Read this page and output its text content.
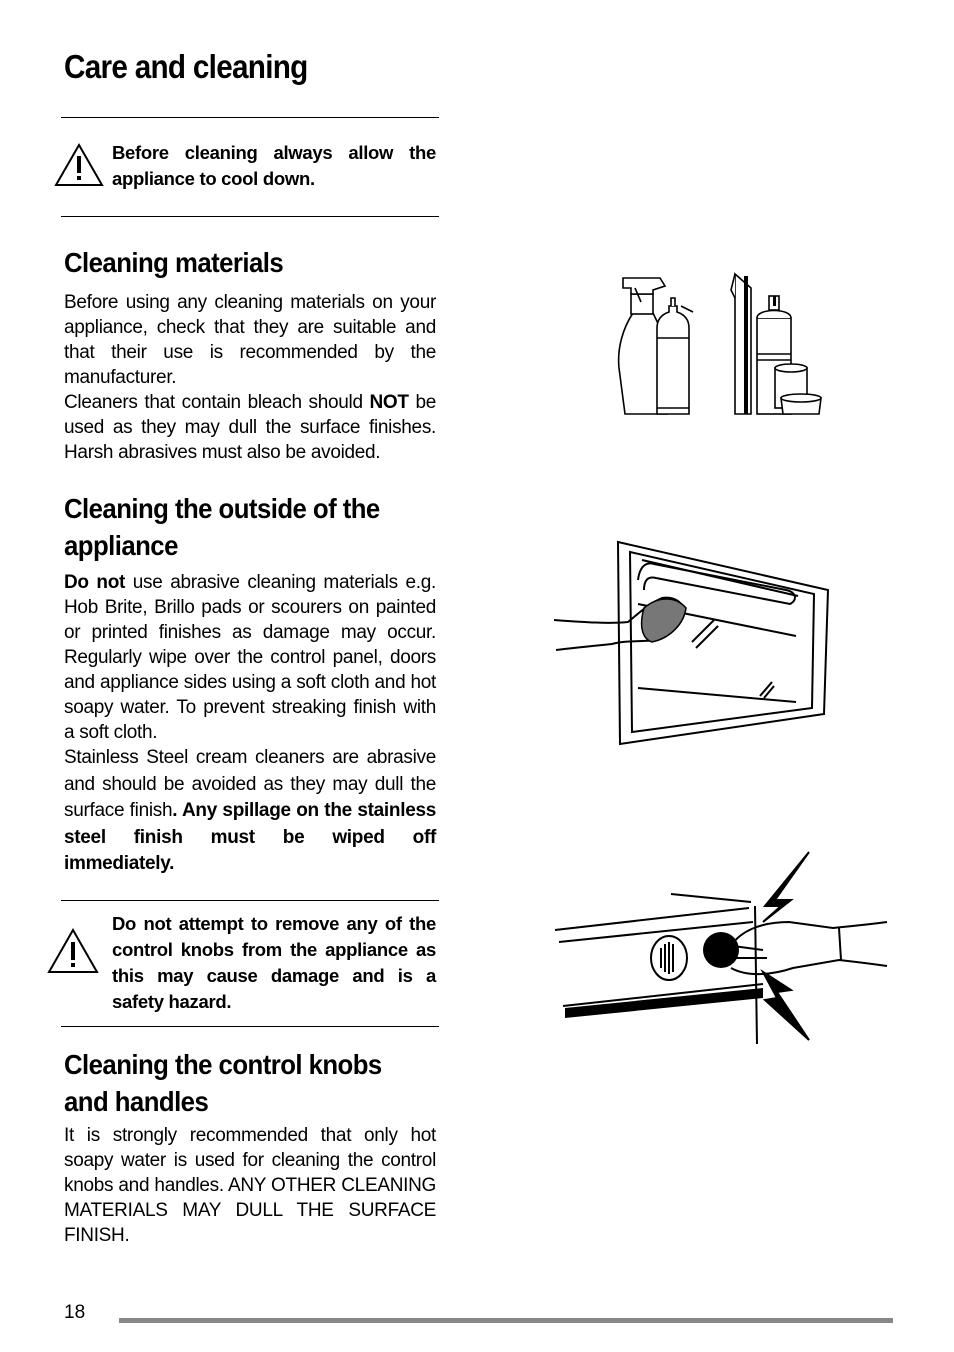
Care and cleaning
Before cleaning always allow the appliance to cool down.
Cleaning materials

Before using any cleaning materials on your appliance, check that they are suitable and that their use is recommended by the manufacturer.

Cleaners that contain bleach should NOT be used as they may dull the surface finishes. Harsh abrasives must also be avoided.

Cleaning the outside of the appliance

Do not use abrasive cleaning materials e.g. Hob Brite, Brillo pads or scourers on painted or printed finishes as damage may occur. Regularly wipe over the control panel, doors and appliance sides using a soft cloth and hot soapy water. To prevent streaking finish with a soft cloth.

Stainless Steel cream cleaners are abrasive and should be avoided as they may dull the surface finish. Any spillage on the stainless steel finish must be wiped off immediately.

Do not attempt to remove any of the control knobs from the appliance as this may cause damage and is a safety hazard.
Cleaning the control knobs and handles

It is strongly recommended that only hot soapy water is used for cleaning the control knobs and handles. ANY OTHER CLEANING MATERIALS MAY DULL THE SURFACE FINISH.

18
